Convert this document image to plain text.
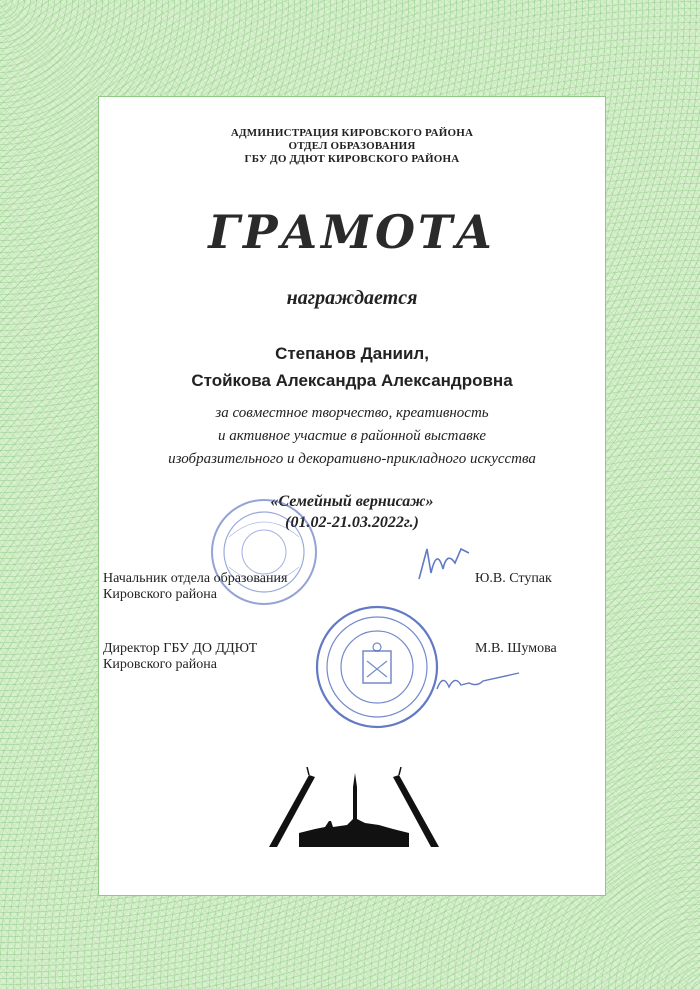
АДМИНИСТРАЦИЯ КИРОВСКОГО РАЙОНА
ОТДЕЛ ОБРАЗОВАНИЯ
ГБУ ДО ДДЮТ КИРОВСКОГО РАЙОНА
ГРАМОТА
награждается
Степанов Даниил,
Стойкова Александра Александровна
за совместное творчество, креативность
и активное участие в районной выставке
изобразительного и декоративно-прикладного искусства
«Семейный вернисаж»
(01.02-21.03.2022г.)
Начальник отдела образования
Кировского района
Ю.В. Ступак
Директор ГБУ ДО ДДЮТ
Кировского района
М.В. Шумова
